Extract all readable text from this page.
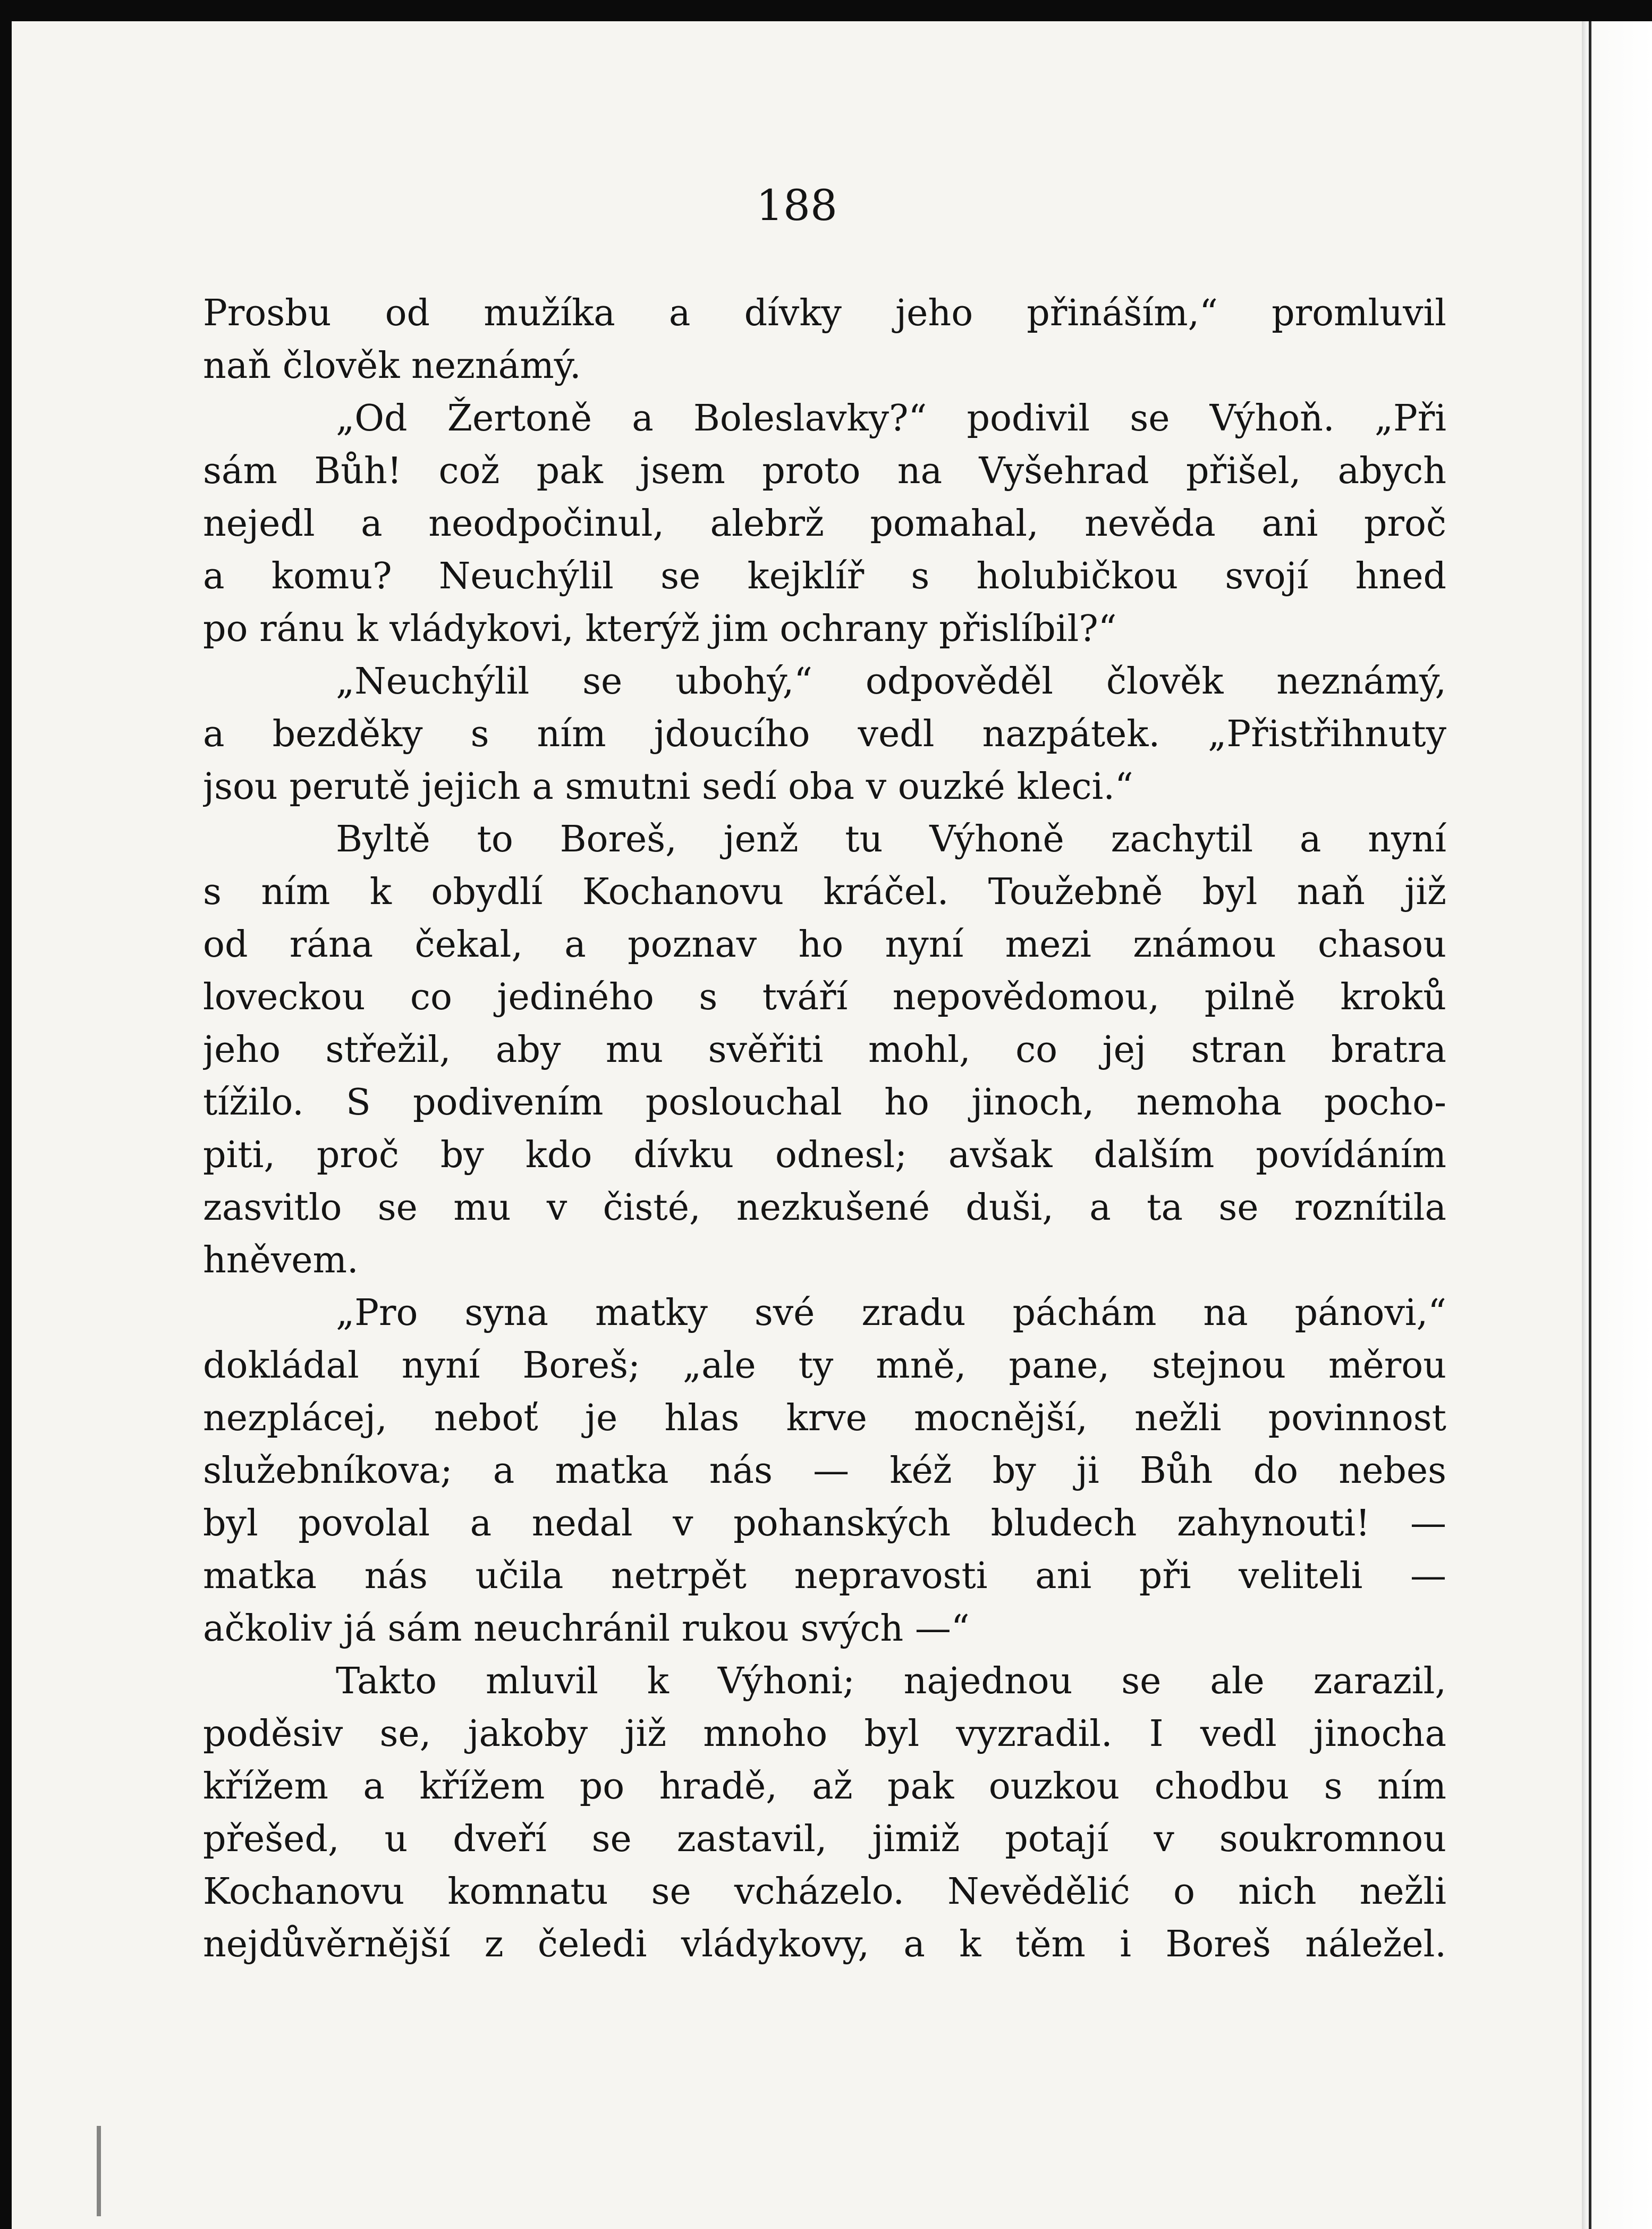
188

Prosbu od mužíka a dívky jeho přináším,“ promluvil
naň člověk neznámý.
„Od Žertoně a Boleslavky?“ podivil se Výhoň. „Při
sám Bůh! což pak jsem proto na Vyšehrad přišel, abych
nejedl a neodpočinul, alebrž pomahal, nevěda ani proč
a komu? Neuchýlil se kejklíř s holubičkou svojí hned
po ránu k vládykovi, kterýž jim ochrany přislíbil?“
„Neuchýlil se ubohý,“ odpověděl člověk neznámý,
a bezděky s ním jdoucího vedl nazpátek. „Přistřihnuty
jsou perutě jejich a smutni sedí oba v ouzké kleci.“
Byltě to Boreš, jenž tu Výhoně zachytil a nyní
s ním k obydlí Kochanovu kráčel. Toužebně byl naň již
od rána čekal, a poznav ho nyní mezi známou chasou
loveckou co jediného s tváří nepovědomou, pilně kroků
jeho střežil, aby mu svěřiti mohl, co jej stran bratra
tížilo. S podivením poslouchal ho jinoch, nemoha pocho-
piti, proč by kdo dívku odnesl; avšak dalším povídáním
zasvitlo se mu v čisté, nezkušené duši, a ta se roznítila
hněvem.
„Pro syna matky své zradu páchám na pánovi,“
dokládal nyní Boreš; „ale ty mně, pane, stejnou měrou
nezplácej, neboť je hlas krve mocnější, nežli povinnost
služebníkova; a matka nás — kéž by ji Bůh do nebes
byl povolal a nedal v pohanských bludech zahynouti! —
matka nás učila netrpět nepravosti ani při veliteli —
ačkoliv já sám neuchránil rukou svých —“
Takto mluvil k Výhoni; najednou se ale zarazil,
poděsiv se, jakoby již mnoho byl vyzradil. I vedl jinocha
křížem a křížem po hradě, až pak ouzkou chodbu s ním
přešed, u dveří se zastavil, jimiž potají v soukromnou
Kochanovu komnatu se vcházelo. Nevědělić o nich nežli
nejdůvěrnější z čeledi vládykovy, a k těm i Boreš náležel.
